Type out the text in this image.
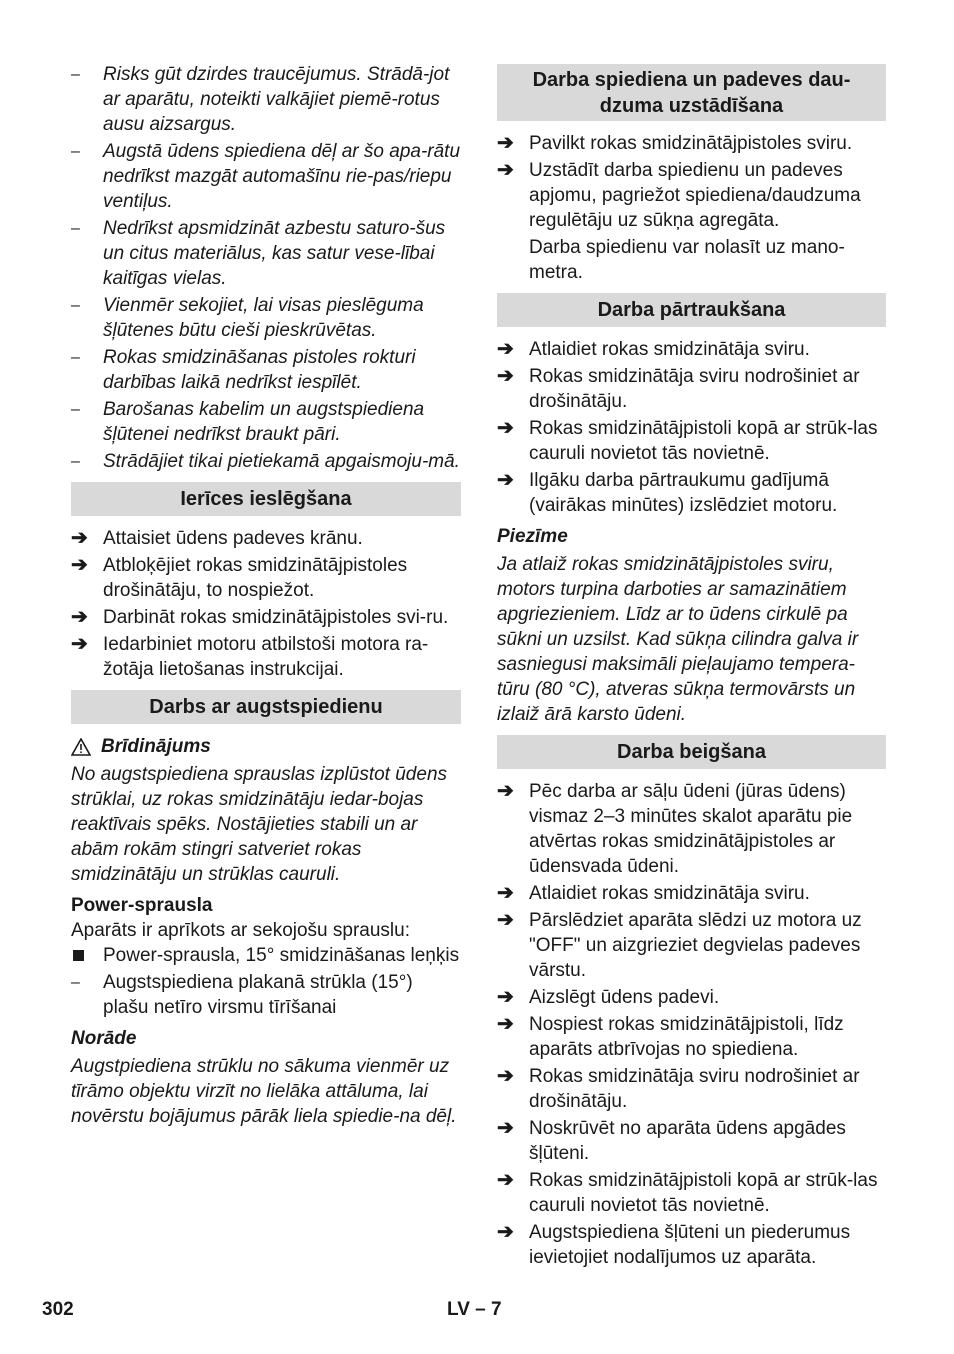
– Risks gūt dzirdes traucējumus. Strādā-jot ar aparātu, noteikti valkājiet piemē-rotus ausu aizsargus.
– Augstā ūdens spiediena dēļ ar šo apa-rātu nedrīkst mazgāt automašīnu rie-pas/riepu ventiļus.
– Nedrīkst apsmidzināt azbestu saturo-šus un citus materiālus, kas satur vese-lībai kaitīgas vielas.
– Vienmēr sekojiet, lai visas pieslēguma šļūtenes būtu cieši pieskrūvētas.
– Rokas smidzināšanas pistoles rokturi darbības laikā nedrīkst iespīlēt.
– Barošanas kabelim un augstspiediena šļūtenei nedrīkst braukt pāri.
– Strādājiet tikai pietiekamā apgaismoju-mā.
Ierīces ieslēgšana
➔ Attaisiet ūdens padeves krānu.
➔ Atbloķējiet rokas smidzinātājpistoles drošinātāju, to nospiežot.
➔ Darbināt rokas smidzinātājpistoles svi-ru.
➔ Iedarbiniet motoru atbilstoši motora ra-žotāja lietošanas instrukcijai.
Darbs ar augstspiedienu
Brīdinājums

No augstspiediena sprauslas izplūstot ūdens strūklai, uz rokas smidzinātāju iedar-bojas reaktīvais spēks. Nostājieties stabili un ar abām rokām stingri satveriet rokas smidzinātāju un strūklas cauruli.

Power-sprausla

Aparāts ir aprīkots ar sekojošu sprauslu:

Power-sprausla, 15° smidzināšanas leņķis
– Augstspiediena plakanā strūkla (15°) plašu netīro virsmu tīrīšanai

Norāde

Augstpiediena strūklu no sākuma vienmēr uz tīrāmo objektu virzīt no lielāka attāluma, lai novērstu bojājumus pārāk liela spiedie-na dēļ.

Darba spiediena un padeves dau-dzuma uzstādīšana
➔ Pavilkt rokas smidzinātājpistoles sviru.
➔ Uzstādīt darba spiedienu un padeves apjomu, pagriežot spiediena/daudzuma regulētāju uz sūkņa agregāta.

Darba spiedienu var nolasīt uz mano-metra.

Darba pārtraukšana
➔ Atlaidiet rokas smidzinātāja sviru.
➔ Rokas smidzinātāja sviru nodrošiniet ar drošinātāju.
➔ Rokas smidzinātājpistoli kopā ar strūk-las cauruli novietot tās novietnē.
➔ Ilgāku darba pārtraukumu gadījumā (vairākas minūtes) izslēdziet motoru.

Piezīme

Ja atlaiž rokas smidzinātājpistoles sviru, motors turpina darboties ar samazinātiem apgriezieniem. Līdz ar to ūdens cirkulē pa sūkni un uzsilst. Kad sūkņa cilindra galva ir sasniegusi maksimāli pieļaujamo tempera-tūru (80 °C), atveras sūkņa termovārsts un izlaiž ārā karsto ūdeni.

Darba beigšana
➔ Pēc darba ar sāļu ūdeni (jūras ūdens) vismaz 2–3 minūtes skalot aparātu pie atvērtas rokas smidzinātājpistoles ar ūdensvada ūdeni.
➔ Atlaidiet rokas smidzinātāja sviru.
➔ Pārslēdziet aparāta slēdzi uz motora uz "OFF" un aizgrieziet degvielas padeves vārstu.
➔ Aizslēgt ūdens padevi.
➔ Nospiest rokas smidzinātājpistoli, līdz aparāts atbrīvojas no spiediena.
➔ Rokas smidzinātāja sviru nodrošiniet ar drošinātāju.
➔ Noskrūvēt no aparāta ūdens apgādes šļūteni.
➔ Rokas smidzinātājpistoli kopā ar strūk-las cauruli novietot tās novietnē.
➔ Augstspiediena šļūteni un piederumus ievietojiet nodalījumos uz aparāta.
302	LV – 7
